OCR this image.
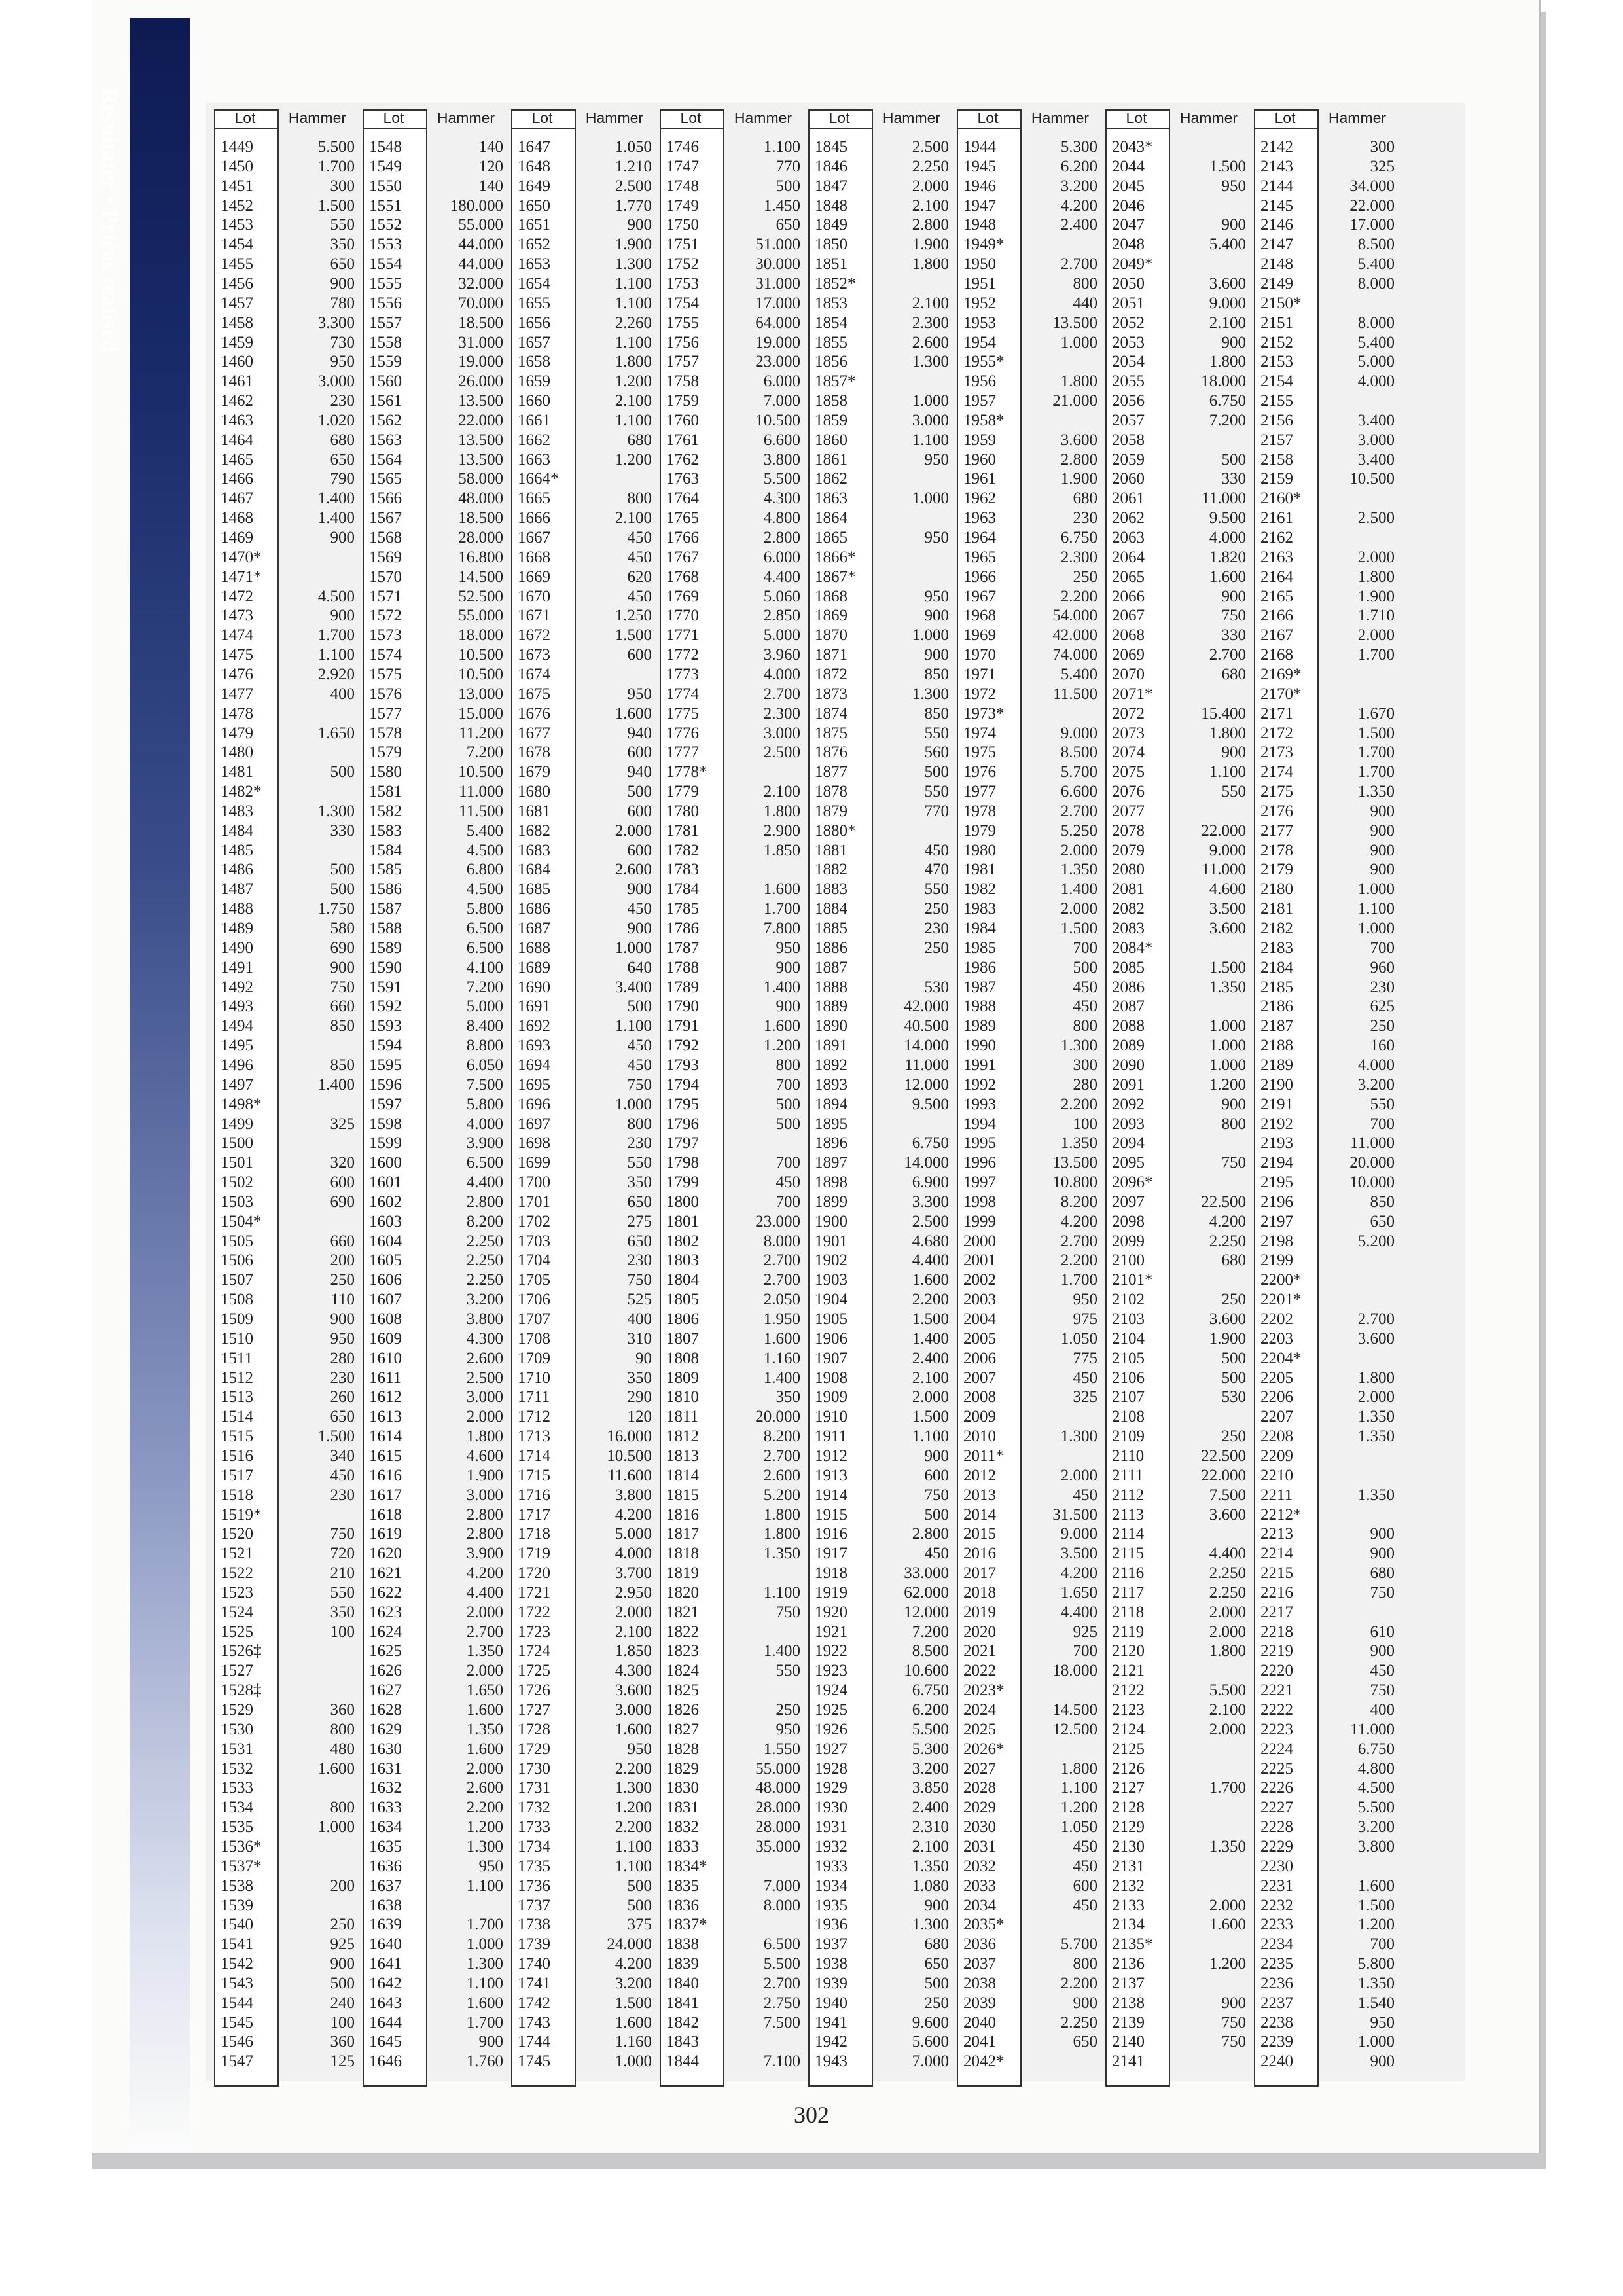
Resultater • Prices realised	Lot	Hammer
1449	5.500
1450	1.700
1451	300
1452	1.500
1453	550
1454	350
1455	650
1456	900
1457	780
1458	3.300
1459	730
1460	950
1461	3.000
1462	230
1463	1.020
1464	680
1465	650
1466	790
1467	1.400
1468	1.400
1469	900
1470*
1471*
1472	4.500
1473	900
1474	1.700
1475	1.100
1476	2.920
1477	400
1478
1479	1.650
1480
1481	500
1482*
1483	1.300
1484	330
1485
1486	500
1487	500
1488	1.750
1489	580
1490	690
1491	900
1492	750
1493	660
1494	850
1495
1496	850
1497	1.400
1498*
1499	325
1500
1501	320
1502	600
1503	690
1504*
1505	660
1506	200
1507	250
1508	110
1509	900
1510	950
1511	280
1512	230
1513	260
1514	650
1515	1.500
1516	340
1517	450
1518	230
1519*
1520	750
1521	720
1522	210
1523	550
1524	350
1525	100
1526‡
1527
1528‡
1529	360
1530	800
1531	480
1532	1.600
1533
1534	800
1535	1.000
1536*
1537*
1538	200
1539
1540	250
1541	925
1542	900
1543	500
1544	240
1545	100
1546	360
1547	125
Lot	Hammer
1548	140
1549	120
1550	140
1551	180.000
1552	55.000
1553	44.000
1554	44.000
1555	32.000
1556	70.000
1557	18.500
1558	31.000
1559	19.000
1560	26.000
1561	13.500
1562	22.000
1563	13.500
1564	13.500
1565	58.000
1566	48.000
1567	18.500
1568	28.000
1569	16.800
1570	14.500
1571	52.500
1572	55.000
1573	18.000
1574	10.500
1575	10.500
1576	13.000
1577	15.000
1578	11.200
1579	7.200
1580	10.500
1581	11.000
1582	11.500
1583	5.400
1584	4.500
1585	6.800
1586	4.500
1587	5.800
1588	6.500
1589	6.500
1590	4.100
1591	7.200
1592	5.000
1593	8.400
1594	8.800
1595	6.050
1596	7.500
1597	5.800
1598	4.000
1599	3.900
1600	6.500
1601	4.400
1602	2.800
1603	8.200
1604	2.250
1605	2.250
1606	2.250
1607	3.200
1608	3.800
1609	4.300
1610	2.600
1611	2.500
1612	3.000
1613	2.000
1614	1.800
1615	4.600
1616	1.900
1617	3.000
1618	2.800
1619	2.800
1620	3.900
1621	4.200
1622	4.400
1623	2.000
1624	2.700
1625	1.350
1626	2.000
1627	1.650
1628	1.600
1629	1.350
1630	1.600
1631	2.000
1632	2.600
1633	2.200
1634	1.200
1635	1.300
1636	950
1637	1.100
1638
1639	1.700
1640	1.000
1641	1.300
1642	1.100
1643	1.600
1644	1.700
1645	900
1646	1.760
Lot	Hammer
1647	1.050
1648	1.210
1649	2.500
1650	1.770
1651	900
1652	1.900
1653	1.300
1654	1.100
1655	1.100
1656	2.260
1657	1.100
1658	1.800
1659	1.200
1660	2.100
1661	1.100
1662	680
1663	1.200
1664*
1665	800
1666	2.100
1667	450
1668	450
1669	620
1670	450
1671	1.250
1672	1.500
1673	600
1674
1675	950
1676	1.600
1677	940
1678	600
1679	940
1680	500
1681	600
1682	2.000
1683	600
1684	2.600
1685	900
1686	450
1687	900
1688	1.000
1689	640
1690	3.400
1691	500
1692	1.100
1693	450
1694	450
1695	750
1696	1.000
1697	800
1698	230
1699	550
1700	350
1701	650
1702	275
1703	650
1704	230
1705	750
1706	525
1707	400
1708	310
1709	90
1710	350
1711	290
1712	120
1713	16.000
1714	10.500
1715	11.600
1716	3.800
1717	4.200
1718	5.000
1719	4.000
1720	3.700
1721	2.950
1722	2.000
1723	2.100
1724	1.850
1725	4.300
1726	3.600
1727	3.000
1728	1.600
1729	950
1730	2.200
1731	1.300
1732	1.200
1733	2.200
1734	1.100
1735	1.100
1736	500
1737	500
1738	375
1739	24.000
1740	4.200
1741	3.200
1742	1.500
1743	1.600
1744	1.160
1745	1.000
Lot	Hammer
1746	1.100
1747	770
1748	500
1749	1.450
1750	650
1751	51.000
1752	30.000
1753	31.000
1754	17.000
1755	64.000
1756	19.000
1757	23.000
1758	6.000
1759	7.000
1760	10.500
1761	6.600
1762	3.800
1763	5.500
1764	4.300
1765	4.800
1766	2.800
1767	6.000
1768	4.400
1769	5.060
1770	2.850
1771	5.000
1772	3.960
1773	4.000
1774	2.700
1775	2.300
1776	3.000
1777	2.500
1778*
1779	2.100
1780	1.800
1781	2.900
1782	1.850
1783
1784	1.600
1785	1.700
1786	7.800
1787	950
1788	900
1789	1.400
1790	900
1791	1.600
1792	1.200
1793	800
1794	700
1795	500
1796	500
1797
1798	700
1799	450
1800	700
1801	23.000
1802	8.000
1803	2.700
1804	2.700
1805	2.050
1806	1.950
1807	1.600
1808	1.160
1809	1.400
1810	350
1811	20.000
1812	8.200
1813	2.700
1814	2.600
1815	5.200
1816	1.800
1817	1.800
1818	1.350
1819
1820	1.100
1821	750
1822
1823	1.400
1824	550
1825
1826	250
1827	950
1828	1.550
1829	55.000
1830	48.000
1831	28.000
1832	28.000
1833	35.000
1834*
1835	7.000
1836	8.000
1837*
1838	6.500
1839	5.500
1840	2.700
1841	2.750
1842	7.500
1843
1844	7.100
Lot	Hammer
1845	2.500
1846	2.250
1847	2.000
1848	2.100
1849	2.800
1850	1.900
1851	1.800
1852*
1853	2.100
1854	2.300
1855	2.600
1856	1.300
1857*
1858	1.000
1859	3.000
1860	1.100
1861	950
1862
1863	1.000
1864
1865	950
1866*
1867*
1868	950
1869	900
1870	1.000
1871	900
1872	850
1873	1.300
1874	850
1875	550
1876	560
1877	500
1878	550
1879	770
1880*
1881	450
1882	470
1883	550
1884	250
1885	230
1886	250
1887
1888	530
1889	42.000
1890	40.500
1891	14.000
1892	11.000
1893	12.000
1894	9.500
1895
1896	6.750
1897	14.000
1898	6.900
1899	3.300
1900	2.500
1901	4.680
1902	4.400
1903	1.600
1904	2.200
1905	1.500
1906	1.400
1907	2.400
1908	2.100
1909	2.000
1910	1.500
1911	1.100
1912	900
1913	600
1914	750
1915	500
1916	2.800
1917	450
1918	33.000
1919	62.000
1920	12.000
1921	7.200
1922	8.500
1923	10.600
1924	6.750
1925	6.200
1926	5.500
1927	5.300
1928	3.200
1929	3.850
1930	2.400
1931	2.310
1932	2.100
1933	1.350
1934	1.080
1935	900
1936	1.300
1937	680
1938	650
1939	500
1940	250
1941	9.600
1942	5.600
1943	7.000
Lot	Hammer
1944	5.300
1945	6.200
1946	3.200
1947	4.200
1948	2.400
1949*
1950	2.700
1951	800
1952	440
1953	13.500
1954	1.000
1955*
1956	1.800
1957	21.000
1958*
1959	3.600
1960	2.800
1961	1.900
1962	680
1963	230
1964	6.750
1965	2.300
1966	250
1967	2.200
1968	54.000
1969	42.000
1970	74.000
1971	5.400
1972	11.500
1973*
1974	9.000
1975	8.500
1976	5.700
1977	6.600
1978	2.700
1979	5.250
1980	2.000
1981	1.350
1982	1.400
1983	2.000
1984	1.500
1985	700
1986	500
1987	450
1988	450
1989	800
1990	1.300
1991	300
1992	280
1993	2.200
1994	100
1995	1.350
1996	13.500
1997	10.800
1998	8.200
1999	4.200
2000	2.700
2001	2.200
2002	1.700
2003	950
2004	975
2005	1.050
2006	775
2007	450
2008	325
2009
2010	1.300
2011*
2012	2.000
2013	450
2014	31.500
2015	9.000
2016	3.500
2017	4.200
2018	1.650
2019	4.400
2020	925
2021	700
2022	18.000
2023*
2024	14.500
2025	12.500
2026*
2027	1.800
2028	1.100
2029	1.200
2030	1.050
2031	450
2032	450
2033	600
2034	450
2035*
2036	5.700
2037	800
2038	2.200
2039	900
2040	2.250
2041	650
2042*
Lot	Hammer
2043*
2044	1.500
2045	950
2046
2047	900
2048	5.400
2049*
2050	3.600
2051	9.000
2052	2.100
2053	900
2054	1.800
2055	18.000
2056	6.750
2057	7.200
2058
2059	500
2060	330
2061	11.000
2062	9.500
2063	4.000
2064	1.820
2065	1.600
2066	900
2067	750
2068	330
2069	2.700
2070	680
2071*
2072	15.400
2073	1.800
2074	900
2075	1.100
2076	550
2077
2078	22.000
2079	9.000
2080	11.000
2081	4.600
2082	3.500
2083	3.600
2084*
2085	1.500
2086	1.350
2087
2088	1.000
2089	1.000
2090	1.000
2091	1.200
2092	900
2093	800
2094
2095	750
2096*
2097	22.500
2098	4.200
2099	2.250
2100	680
2101*
2102	250
2103	3.600
2104	1.900
2105	500
2106	500
2107	530
2108
2109	250
2110	22.500
2111	22.000
2112	7.500
2113	3.600
2114
2115	4.400
2116	2.250
2117	2.250
2118	2.000
2119	2.000
2120	1.800
2121
2122	5.500
2123	2.100
2124	2.000
2125
2126
2127	1.700
2128
2129
2130	1.350
2131
2132
2133	2.000
2134	1.600
2135*
2136	1.200
2137
2138	900
2139	750
2140	750
2141
Lot	Hammer
2142	300
2143	325
2144	34.000
2145	22.000
2146	17.000
2147	8.500
2148	5.400
2149	8.000
2150*
2151	8.000
2152	5.400
2153	5.000
2154	4.000
2155
2156	3.400
2157	3.000
2158	3.400
2159	10.500
2160*
2161	2.500
2162
2163	2.000
2164	1.800
2165	1.900
2166	1.710
2167	2.000
2168	1.700
2169*
2170*
2171	1.670
2172	1.500
2173	1.700
2174	1.700
2175	1.350
2176	900
2177	900
2178	900
2179	900
2180	1.000
2181	1.100
2182	1.000
2183	700
2184	960
2185	230
2186	625
2187	250
2188	160
2189	4.000
2190	3.200
2191	550
2192	700
2193	11.000
2194	20.000
2195	10.000
2196	850
2197	650
2198	5.200
2199
2200*
2201*
2202	2.700
2203	3.600
2204*
2205	1.800
2206	2.000
2207	1.350
2208	1.350
2209
2210
2211	1.350
2212*
2213	900
2214	900
2215	680
2216	750
2217
2218	610
2219	900
2220	450
2221	750
2222	400
2223	11.000
2224	6.750
2225	4.800
2226	4.500
2227	5.500
2228	3.200
2229	3.800
2230
2231	1.600
2232	1.500
2233	1.200
2234	700
2235	5.800
2236	1.350
2237	1.540
2238	950
2239	1.000
2240	900
302
